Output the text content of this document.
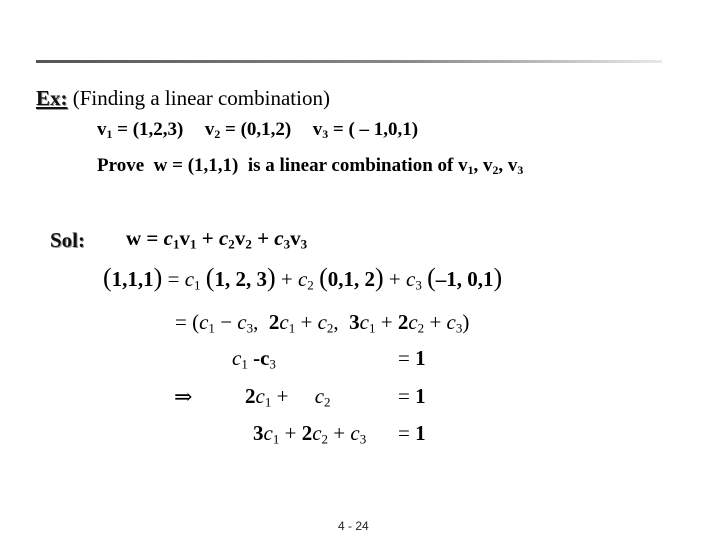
Ex: (Finding a linear combination)
$v_1 = (1,2,3) v_2 = (0,1,2) v_3$ = ( – 1,0,1)
Prove  w = (1,1,1) is a linear combination of $v_1$, $v_2$, $v_3$
Sol: $w = c_1v_1 + c_2v_2 + c_3v_3$
$(1,1,1) = c_1$ (1, 2, $3) + c_2$ (0,1, $2) + c_3$ (–1, 0,1)
= ($c_1 - c_3$,  $2c_1 + c_2$,  $3c_1 + 2c_2 + c_3$)
$c_1$ $-c_3$	= 1
⇒	$2c_1$ +     $c_2$	= 1
$3c_1 + 2c_2 + c_3 = 1$
4 - 24
